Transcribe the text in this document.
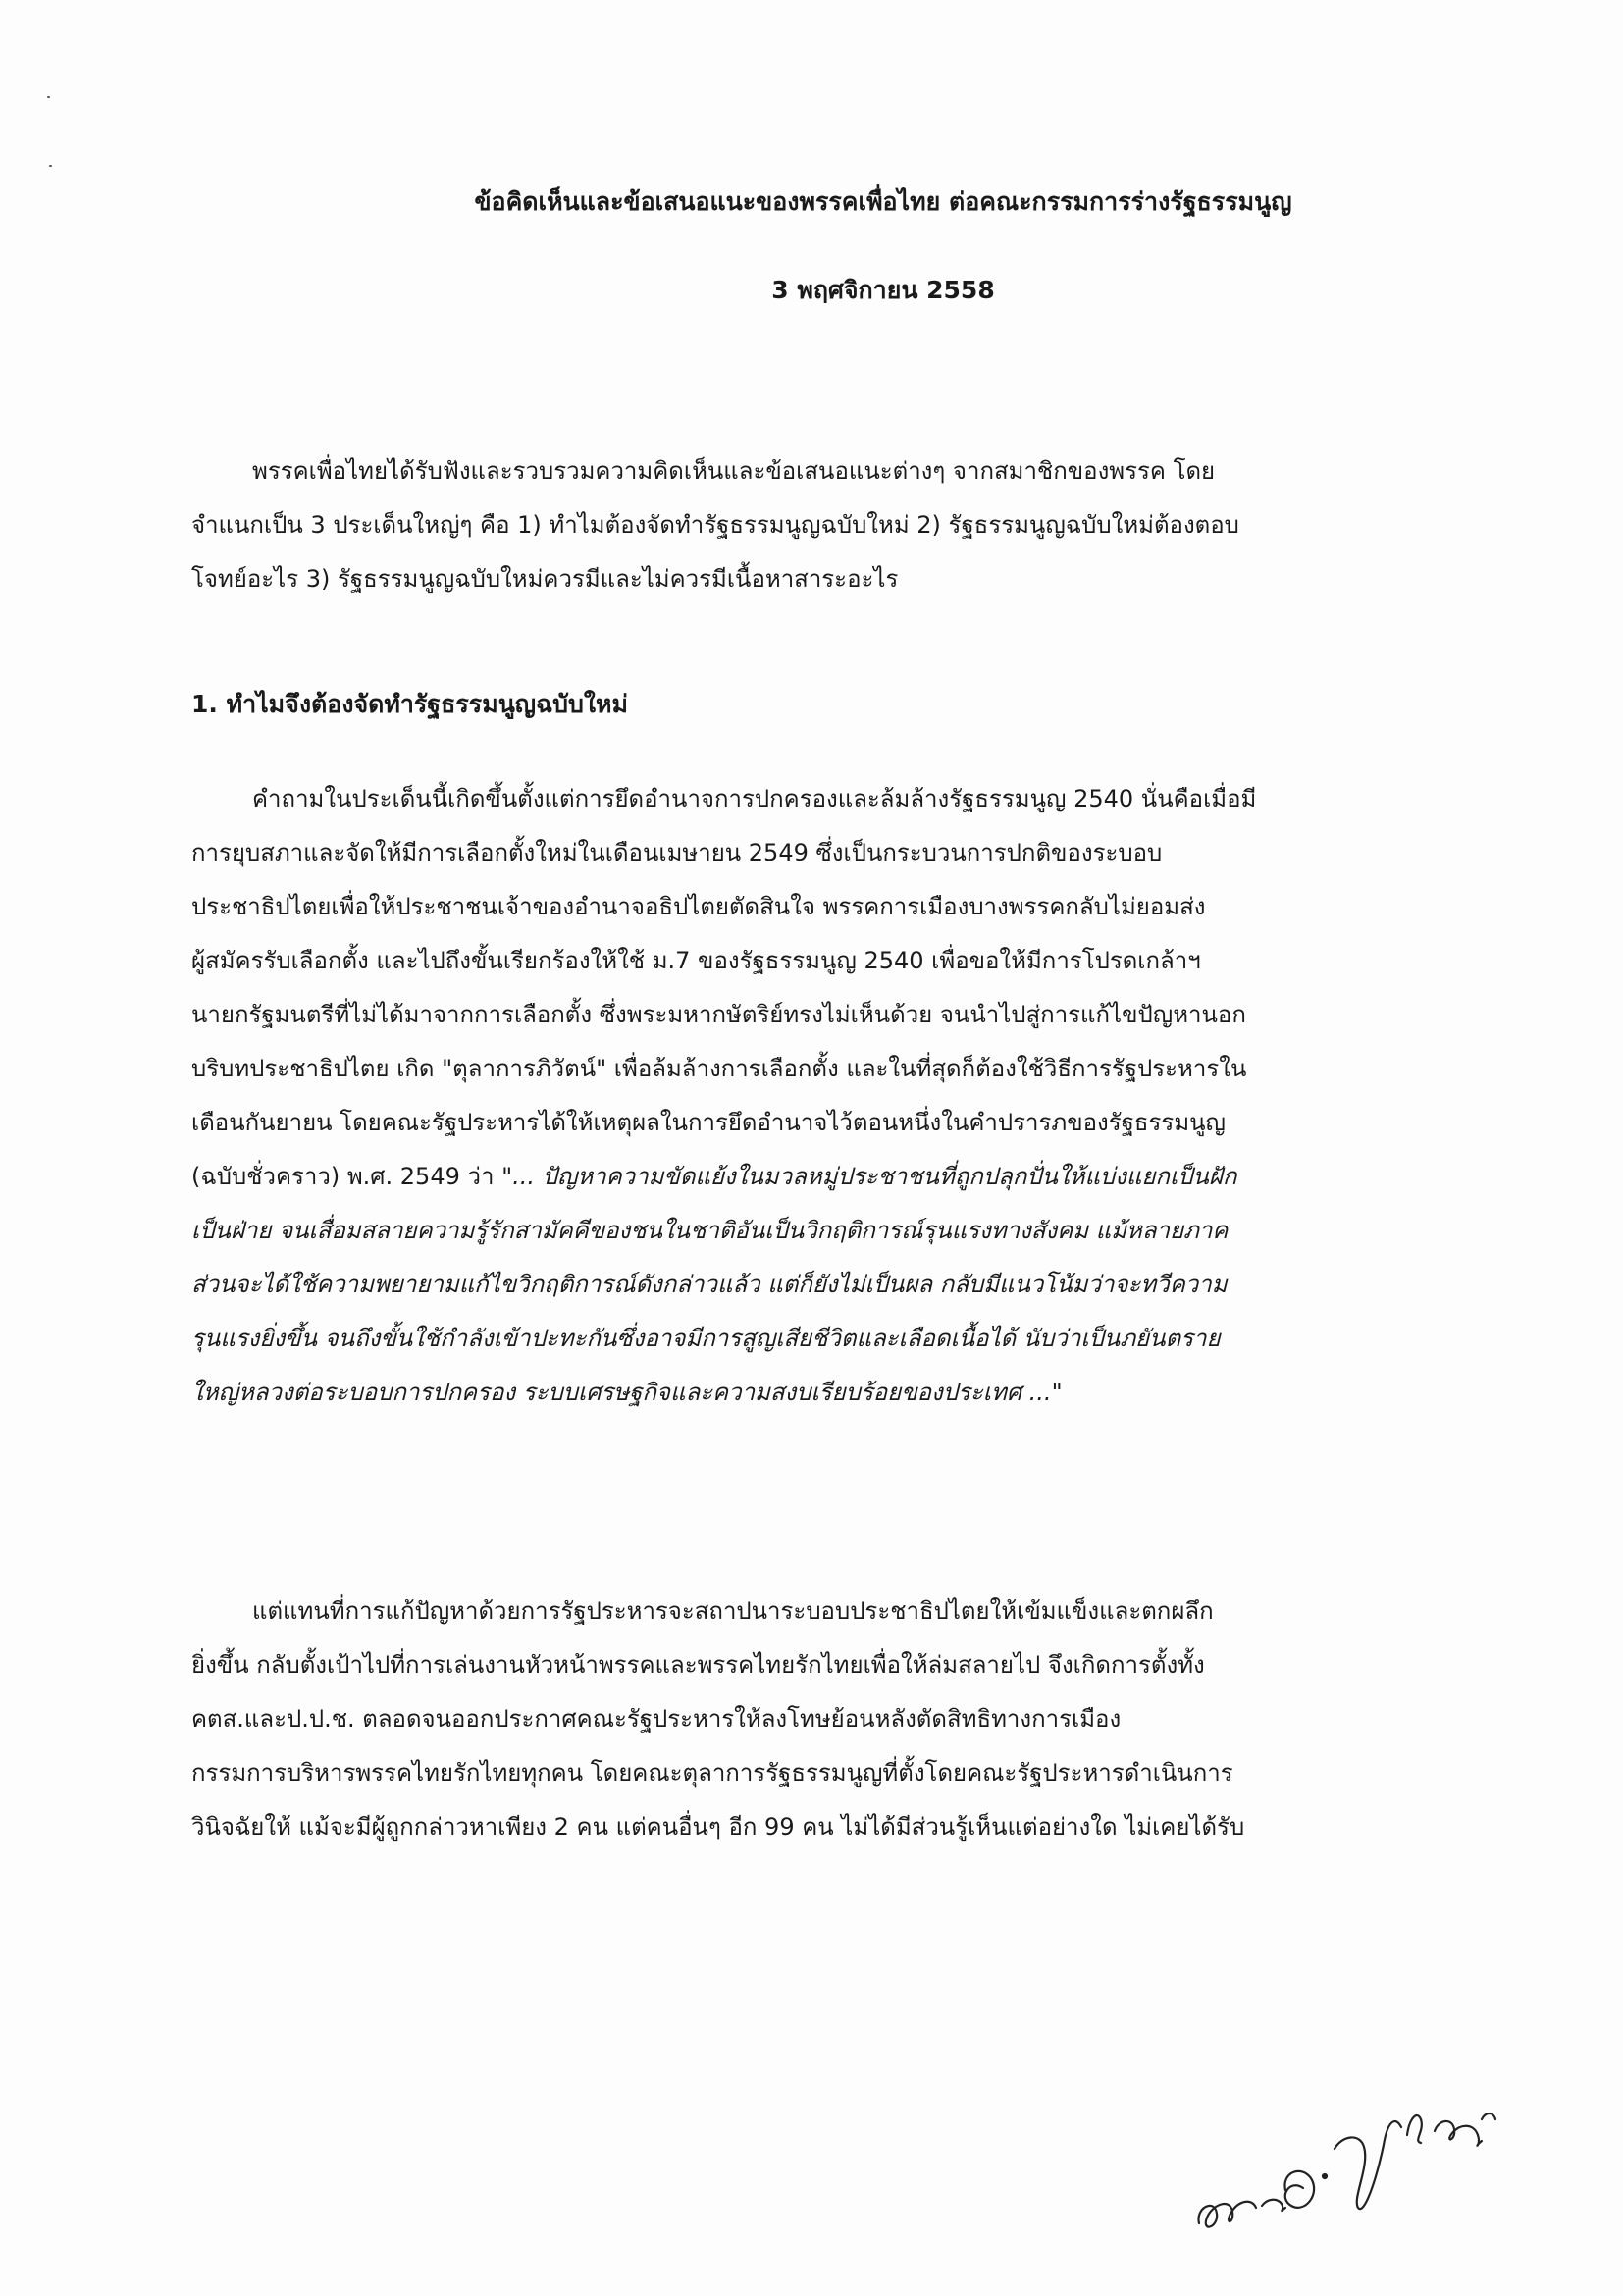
ข้อคิดเห็นและข้อเสนอแนะของพรรคเพื่อไทย ต่อคณะกรรมการร่างรัฐธรรมนูญ
3 พฤศจิกายน 2558
พรรคเพื่อไทยได้รับฟังและรวบรวมความคิดเห็นและข้อเสนอแนะต่างๆ จากสมาชิกของพรรค โดย
จำแนกเป็น 3 ประเด็นใหญ่ๆ คือ 1) ทำไมต้องจัดทำรัฐธรรมนูญฉบับใหม่ 2) รัฐธรรมนูญฉบับใหม่ต้องตอบ
โจทย์อะไร 3) รัฐธรรมนูญฉบับใหม่ควรมีและไม่ควรมีเนื้อหาสาระอะไร
1. ทำไมจึงต้องจัดทำรัฐธรรมนูญฉบับใหม่
คำถามในประเด็นนี้เกิดขึ้นตั้งแต่การยึดอำนาจการปกครองและล้มล้างรัฐธรรมนูญ 2540 นั่นคือเมื่อมี
การยุบสภาและจัดให้มีการเลือกตั้งใหม่ในเดือนเมษายน 2549 ซึ่งเป็นกระบวนการปกติของระบอบ
ประชาธิปไตยเพื่อให้ประชาชนเจ้าของอำนาจอธิปไตยตัดสินใจ พรรคการเมืองบางพรรคกลับไม่ยอมส่ง
ผู้สมัครรับเลือกตั้ง และไปถึงขั้นเรียกร้องให้ใช้ ม.7 ของรัฐธรรมนูญ 2540 เพื่อขอให้มีการโปรดเกล้าฯ
นายกรัฐมนตรีที่ไม่ได้มาจากการเลือกตั้ง ซึ่งพระมหากษัตริย์ทรงไม่เห็นด้วย จนนำไปสู่การแก้ไขปัญหานอก
บริบทประชาธิปไตย เกิด "ตุลาการภิวัตน์" เพื่อล้มล้างการเลือกตั้ง และในที่สุดก็ต้องใช้วิธีการรัฐประหารใน
เดือนกันยายน โดยคณะรัฐประหารได้ให้เหตุผลในการยึดอำนาจไว้ตอนหนึ่งในคำปรารภของรัฐธรรมนูญ
(ฉบับชั่วคราว) พ.ศ. 2549 ว่า "... ปัญหาความขัดแย้งในมวลหมู่ประชาชนที่ถูกปลุกปั่นให้แบ่งแยกเป็นฝัก
เป็นฝ่าย จนเสื่อมสลายความรู้รักสามัคคีของชนในชาติอันเป็นวิกฤติการณ์รุนแรงทางสังคม แม้หลายภาค
ส่วนจะได้ใช้ความพยายามแก้ไขวิกฤติการณ์ดังกล่าวแล้ว แต่ก็ยังไม่เป็นผล กลับมีแนวโน้มว่าจะทวีความ
รุนแรงยิ่งขึ้น จนถึงขั้นใช้กำลังเข้าปะทะกันซึ่งอาจมีการสูญเสียชีวิตและเลือดเนื้อได้ นับว่าเป็นภยันตราย
ใหญ่หลวงต่อระบอบการปกครอง ระบบเศรษฐกิจและความสงบเรียบร้อยของประเทศ ..."
แต่แทนที่การแก้ปัญหาด้วยการรัฐประหารจะสถาปนาระบอบประชาธิปไตยให้เข้มแข็งและตกผลึก
ยิ่งขึ้น กลับตั้งเป้าไปที่การเล่นงานหัวหน้าพรรคและพรรคไทยรักไทยเพื่อให้ล่มสลายไป จึงเกิดการตั้งทั้ง
คตส.และป.ป.ช. ตลอดจนออกประกาศคณะรัฐประหารให้ลงโทษย้อนหลังตัดสิทธิทางการเมือง
กรรมการบริหารพรรคไทยรักไทยทุกคน โดยคณะตุลาการรัฐธรรมนูญที่ตั้งโดยคณะรัฐประหารดำเนินการ
วินิจฉัยให้ แม้จะมีผู้ถูกกล่าวหาเพียง 2 คน แต่คนอื่นๆ อีก 99 คน ไม่ได้มีส่วนรู้เห็นแต่อย่างใด ไม่เคยได้รับ
